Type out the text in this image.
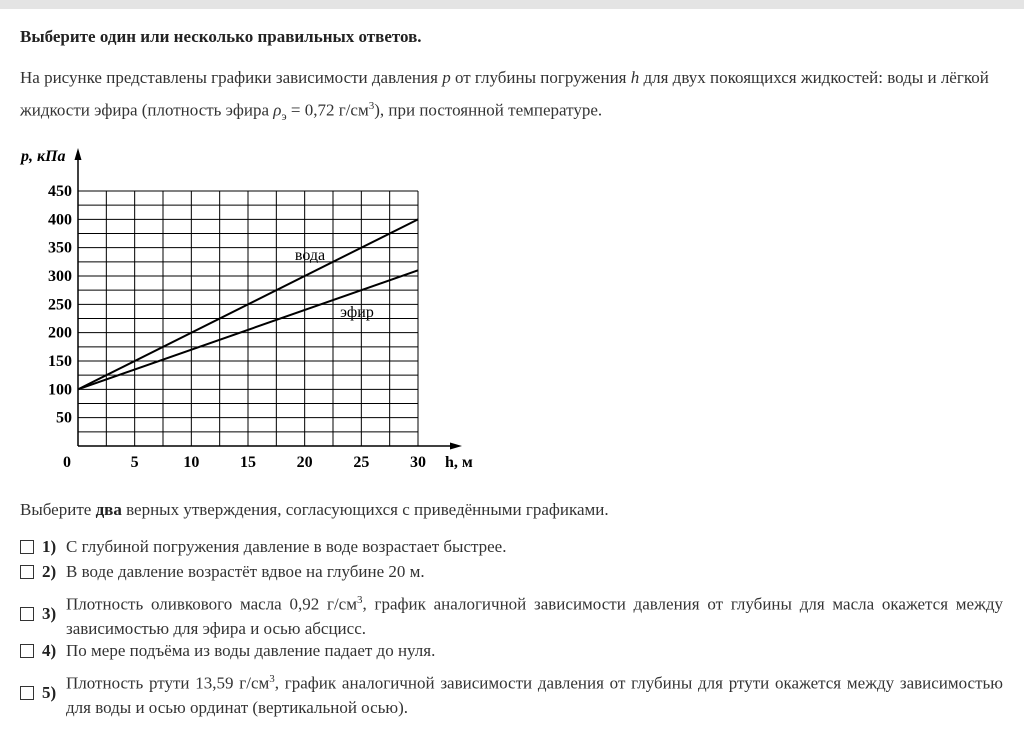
Выберите один или несколько правильных ответов.
На рисунке представлены графики зависимости давления p от глубины погружения h для двух покоящихся жидкостей: воды и лёгкой жидкости эфира (плотность эфира $\rho_э = 0,72$ $г/см^3$), при постоянной температуре.
5	10	15	20	25	30
50
100
150
200
250
300
350
400
450
p, кПа
h, м
0
вода
эфир
Выберите два верных утверждения, согласующихся с приведёнными графиками.
1) С глубиной погружения давление в воде возрастает быстрее.
2) В воде давление возрастёт вдвое на глубине 20 м.
3)
Плотность оливкового масла 0,92 $г/см^3$, график аналогичной зависимости давления от глубины для масла окажется между зависимостью для эфира и осью абсцисс.
4) По мере подъёма из воды давление падает до нуля.
5)
Плотность ртути 13,59 $г/см^3$, график аналогичной зависимости давления от глубины для ртути окажется между зависимостью для воды и осью ординат (вертикальной осью).
